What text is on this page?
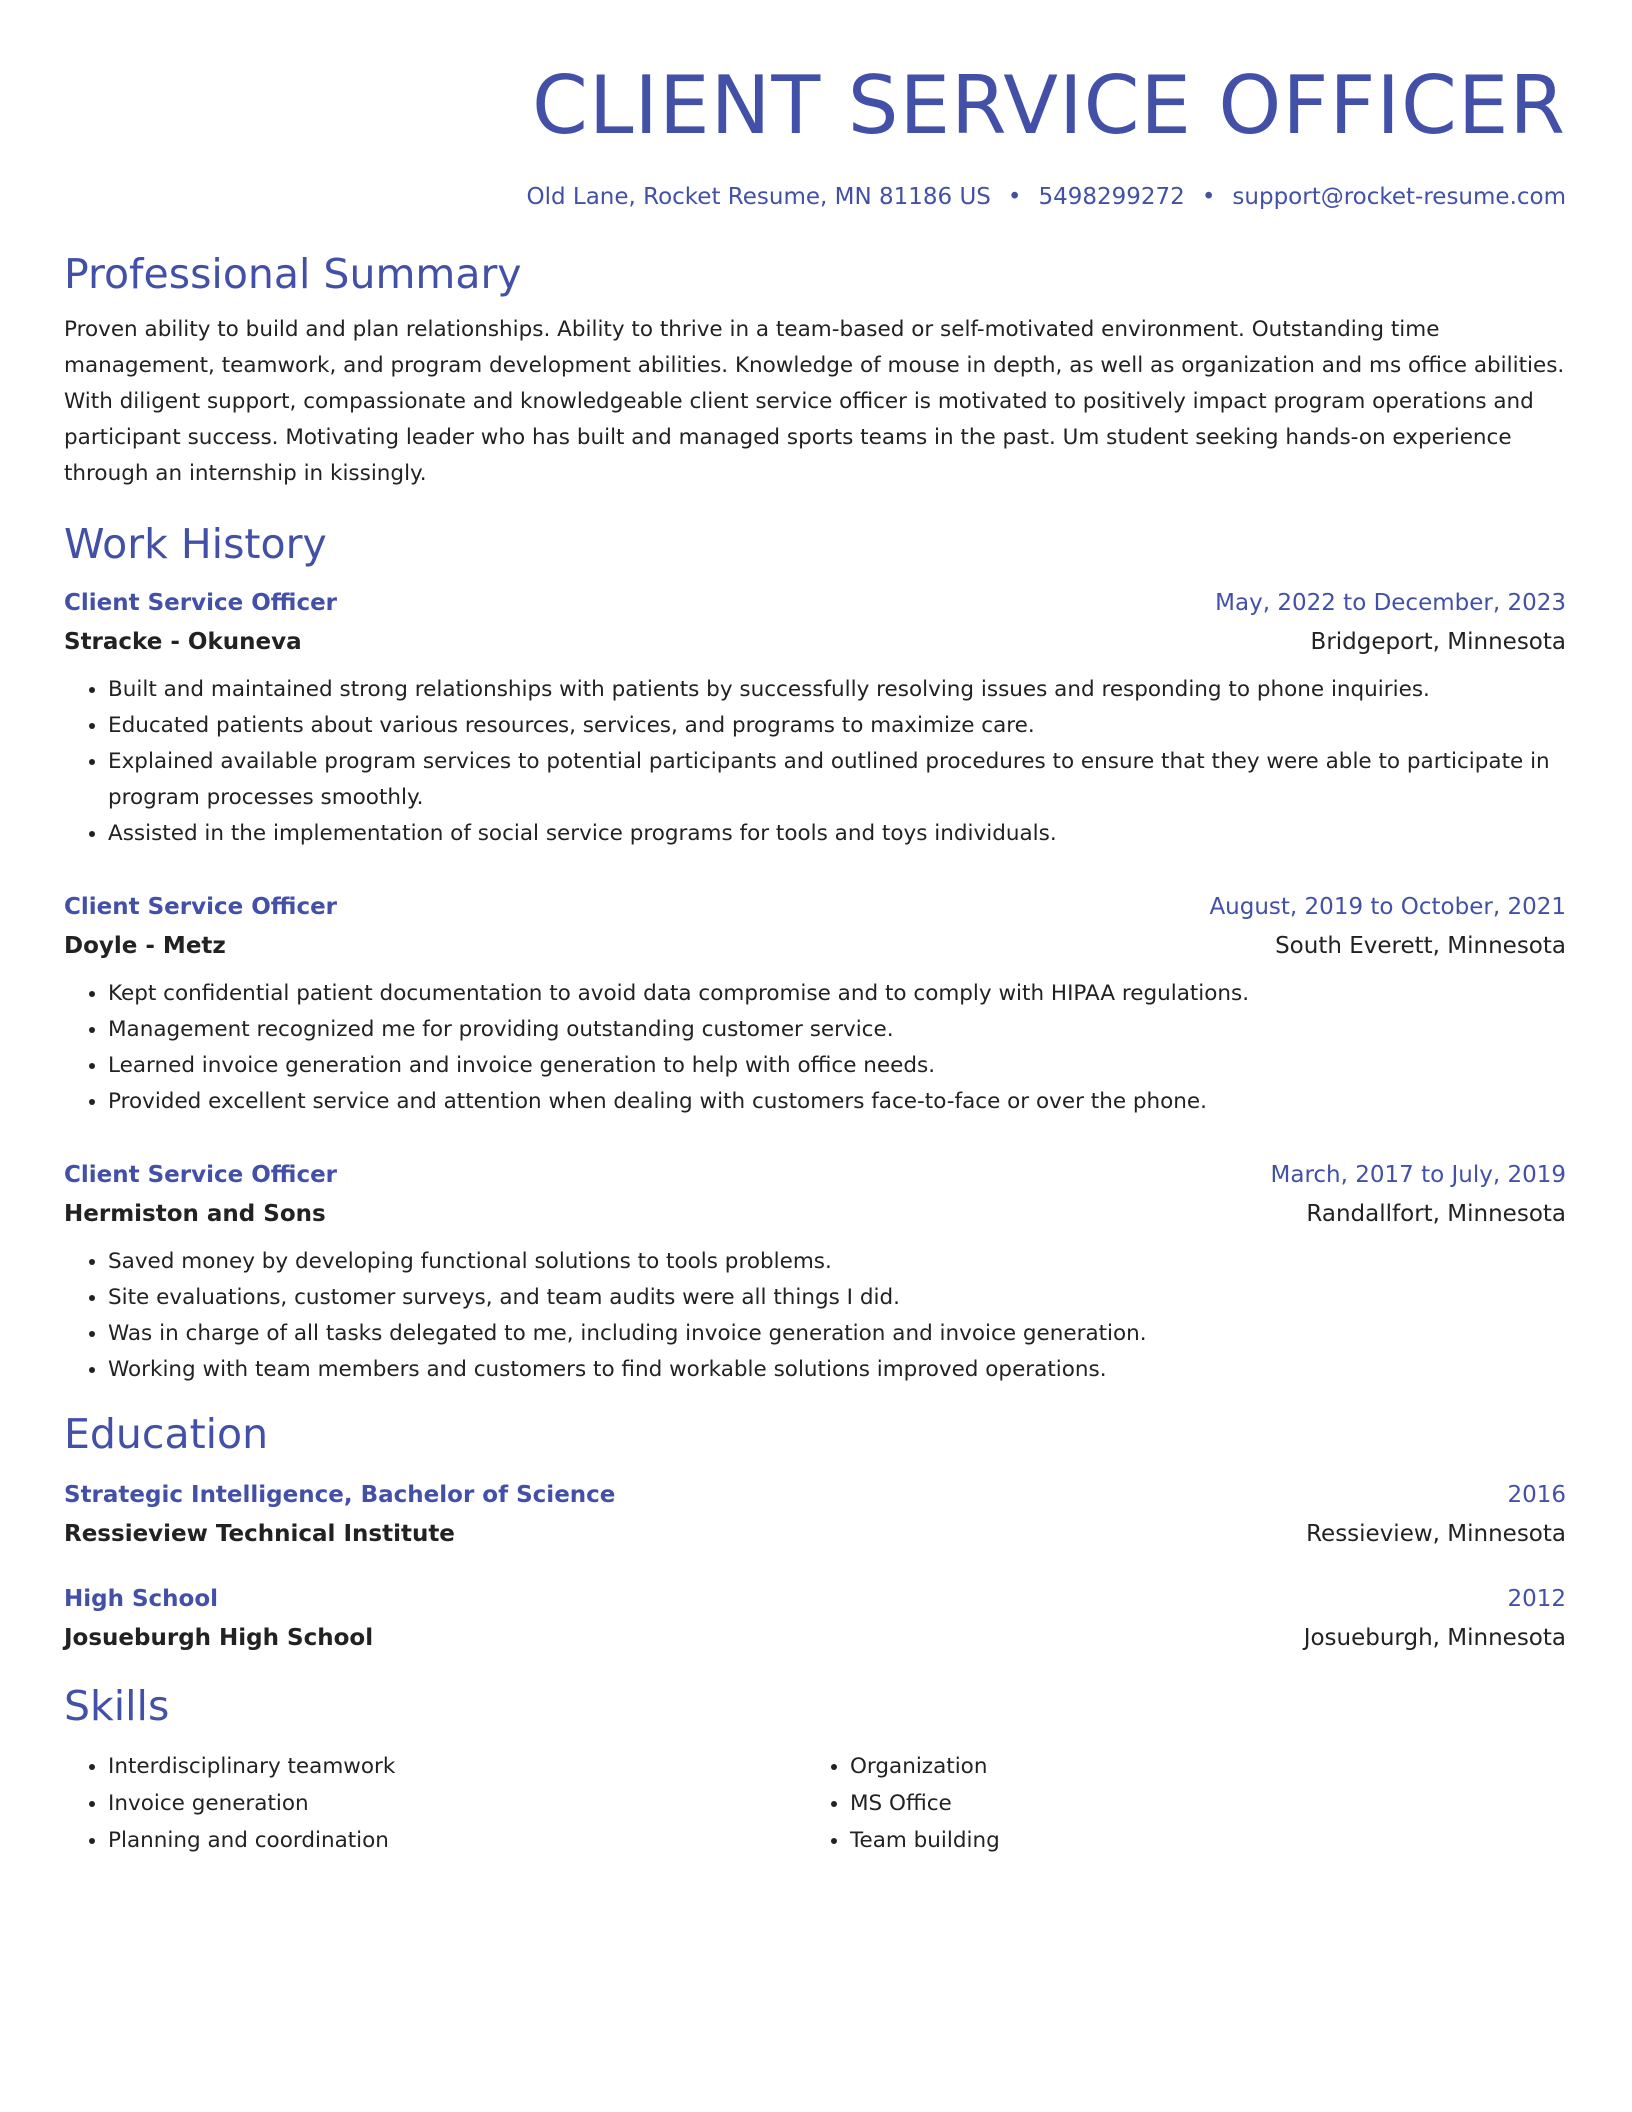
CLIENT SERVICE OFFICER
Old Lane, Rocket Resume, MN 81186 US • 5498299272 • support@rocket-resume.com
Professional Summary

Proven ability to build and plan relationships. Ability to thrive in a team-based or self-motivated environment. Outstanding time management, teamwork, and program development abilities. Knowledge of mouse in depth, as well as organization and ms office abilities. With diligent support, compassionate and knowledgeable client service officer is motivated to positively impact program operations and participant success. Motivating leader who has built and managed sports teams in the past. Um student seeking hands-on experience through an internship in kissingly.

Work History
Client Service Officer	May, 2022 to December, 2023
Stracke - Okuneva	Bridgeport, Minnesota
• Built and maintained strong relationships with patients by successfully resolving issues and responding to phone inquiries.
• Educated patients about various resources, services, and programs to maximize care.
• Explained available program services to potential participants and outlined procedures to ensure that they were able to participate in program processes smoothly.
• Assisted in the implementation of social service programs for tools and toys individuals.
Client Service Officer	August, 2019 to October, 2021
Doyle - Metz	South Everett, Minnesota
• Kept confidential patient documentation to avoid data compromise and to comply with HIPAA regulations.
• Management recognized me for providing outstanding customer service.
• Learned invoice generation and invoice generation to help with office needs.
• Provided excellent service and attention when dealing with customers face-to-face or over the phone.
Client Service Officer	March, 2017 to July, 2019
Hermiston and Sons	Randallfort, Minnesota
• Saved money by developing functional solutions to tools problems.
• Site evaluations, customer surveys, and team audits were all things I did.
• Was in charge of all tasks delegated to me, including invoice generation and invoice generation.
• Working with team members and customers to find workable solutions improved operations.
Education
Strategic Intelligence, Bachelor of Science	2016
Ressieview Technical Institute	Ressieview, Minnesota
High School	2012
Josueburgh High School	Josueburgh, Minnesota
Skills
• Interdisciplinary teamwork
• Invoice generation
• Planning and coordination
• Organization
• MS Office
• Team building
